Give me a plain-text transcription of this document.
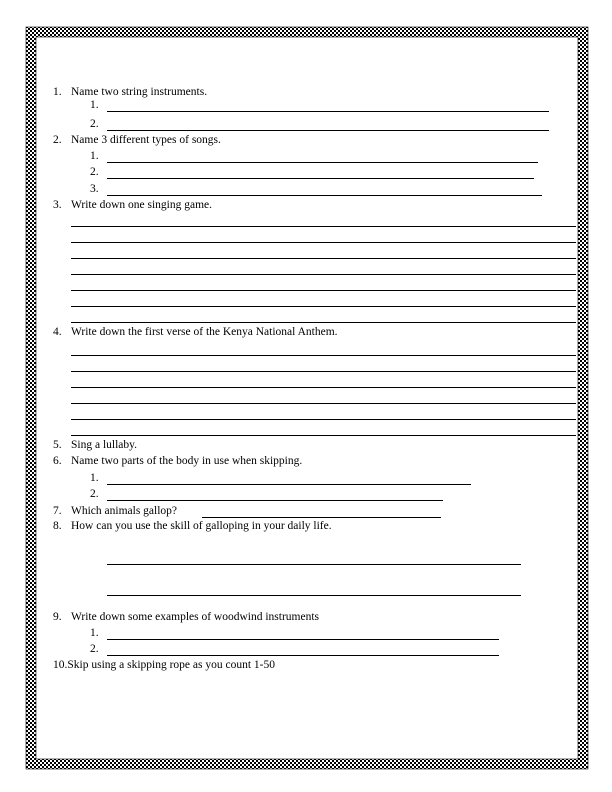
1. Name two string instruments.
1.
2.
2. Name 3 different types of songs.
1.
2.
3.
3. Write down one singing game.
4. Write down the first verse of the Kenya National Anthem.
5. Sing a lullaby.
6. Name two parts of the body in use when skipping.
1.
2.
7. Which animals gallop?
8. How can you use the skill of galloping in your daily life.
9. Write down some examples of woodwind instruments
1.
2.
10.Skip using a skipping rope as you count 1-50
